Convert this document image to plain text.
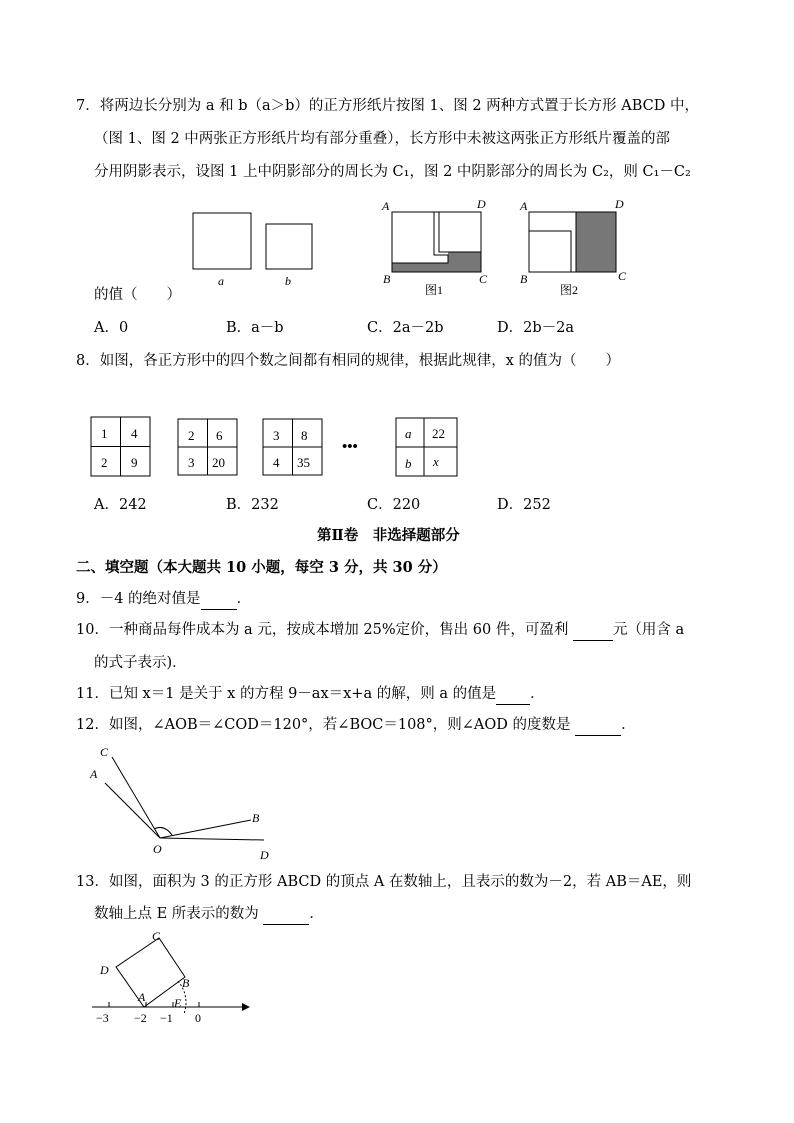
7．将两边长分别为 a 和 b（a＞b）的正方形纸片按图 1、图 2 两种方式置于长方形 ABCD 中，
（图 1、图 2 中两张正方形纸片均有部分重叠），长方形中未被这两张正方形纸片覆盖的部
分用阴影表示，设图 1 上中阴影部分的周长为 C₁，图 2 中阴影部分的周长为 C₂，则 C₁－C₂
a	b
A	D
B	C
图1
A	D
B	C
图2
的值（　　）
A．0	B．a－b	C．2a－2b	D．2b－2a
8．如图，各正方形中的四个数之间都有相同的规律，根据此规律，x 的值为（　　）
1 4
2 9
2 6
3 20
3 8
4 35
•••
a 22
b x
A．242	B．232	C．220	D．252
第Ⅱ卷　非选择题部分
二、填空题（本大题共 10 小题，每空 3 分，共 30 分）
9．－4 的绝对值是 ．
10．一种商品每件成本为 a 元，按成本增加 25%定价，售出 60 件，可盈利	元（用含 a
的式子表示)．
11．已知 x＝1 是关于 x 的方程 9－ax＝x+a 的解，则 a 的值是 ．
12．如图，∠AOB＝∠COD＝120°，若∠BOC＝108°，则∠AOD 的度数是	．
C
A
B
O	D
13．如图，面积为 3 的正方形 ABCD 的顶点 A 在数轴上，且表示的数为－2，若 AB＝AE，则
数轴上点 E 所表示的数为	．
C
D
B
A E
−3 −2 −1 0
